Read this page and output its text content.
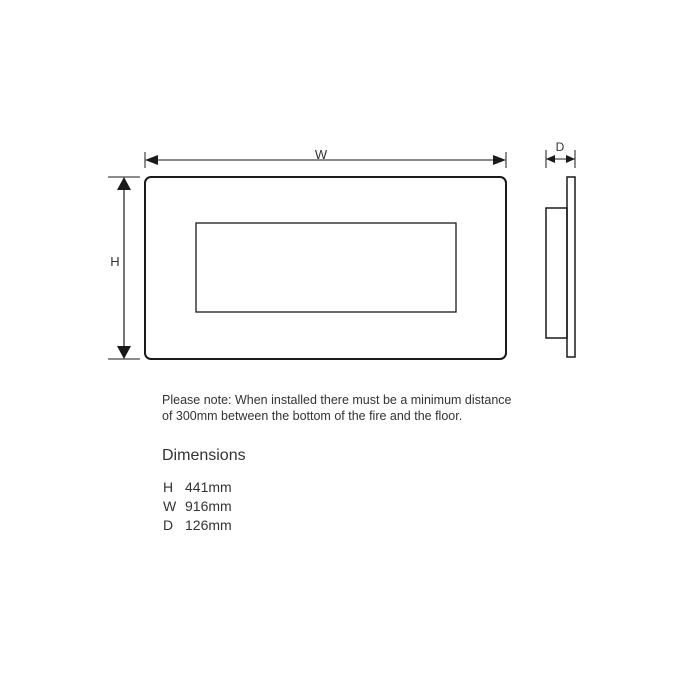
W
H
D

Please note: When installed there must be a minimum distance

of 300mm between the bottom of the fire and the floor.

Dimensions
H 441mm
W 916mm
D 126mm
